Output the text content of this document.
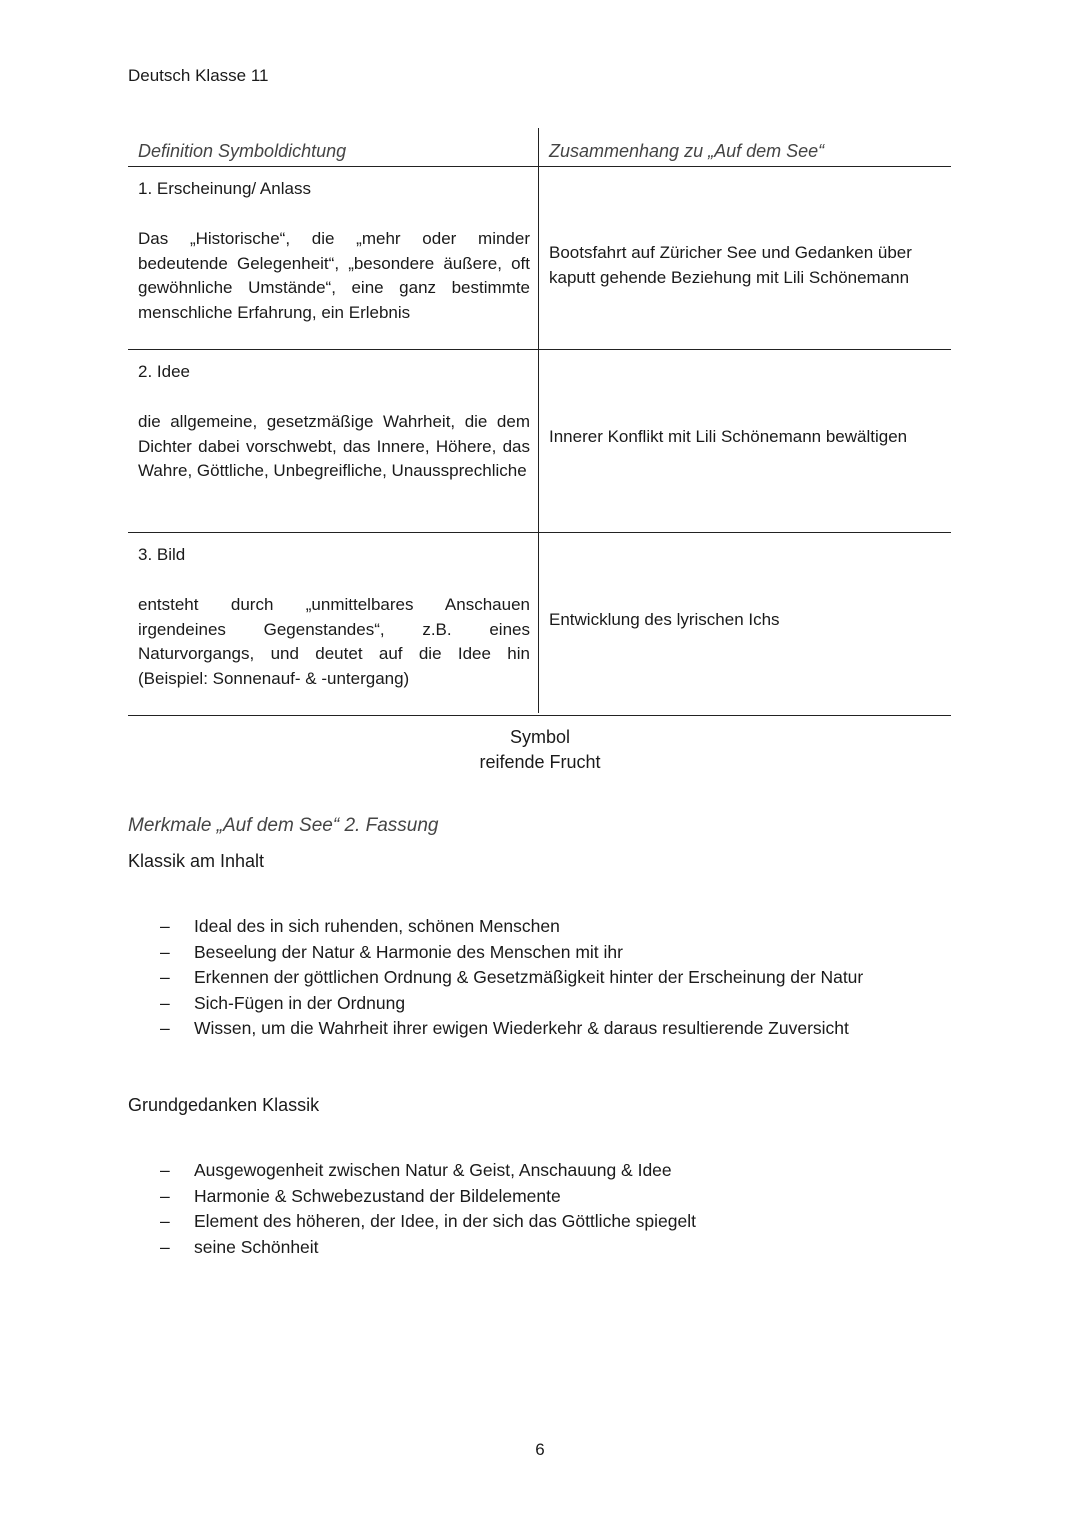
Deutsch Klasse 11
Definition Symboldichtung	Zusammenhang zu „Auf dem See“
1. Erscheinung/ Anlass
Das „Historische“, die „mehr oder minder bedeutende Gelegenheit“, „besondere äußere, oft gewöhnliche Umstände“, eine ganz bestimmte menschliche Erfahrung, ein Erlebnis
Bootsfahrt auf Züricher See und Gedanken über kaputt gehende Beziehung mit Lili Schönemann
2. Idee
die allgemeine, gesetzmäßige Wahrheit, die dem Dichter dabei vorschwebt, das Innere, Höhere, das Wahre, Göttliche, Unbegreifliche, Unaussprechliche
Innerer Konflikt mit Lili Schönemann bewältigen
3. Bild
entsteht durch „unmittelbares Anschauen irgendeines Gegenstandes“, z.B. eines Naturvorgangs, und deutet auf die Idee hin (Beispiel: Sonnenauf- & -untergang)
Entwicklung des lyrischen Ichs
Symbol
reifende Frucht
Merkmale „Auf dem See“ 2. Fassung
Klassik am Inhalt
– Ideal des in sich ruhenden, schönen Menschen
– Beseelung der Natur & Harmonie des Menschen mit ihr
– Erkennen der göttlichen Ordnung & Gesetzmäßigkeit hinter der Erscheinung der Natur
– Sich-Fügen in der Ordnung
– Wissen, um die Wahrheit ihrer ewigen Wiederkehr & daraus resultierende Zuversicht
Grundgedanken Klassik
– Ausgewogenheit zwischen Natur & Geist, Anschauung & Idee
– Harmonie & Schwebezustand der Bildelemente
– Element des höheren, der Idee, in der sich das Göttliche spiegelt
– seine Schönheit
6
